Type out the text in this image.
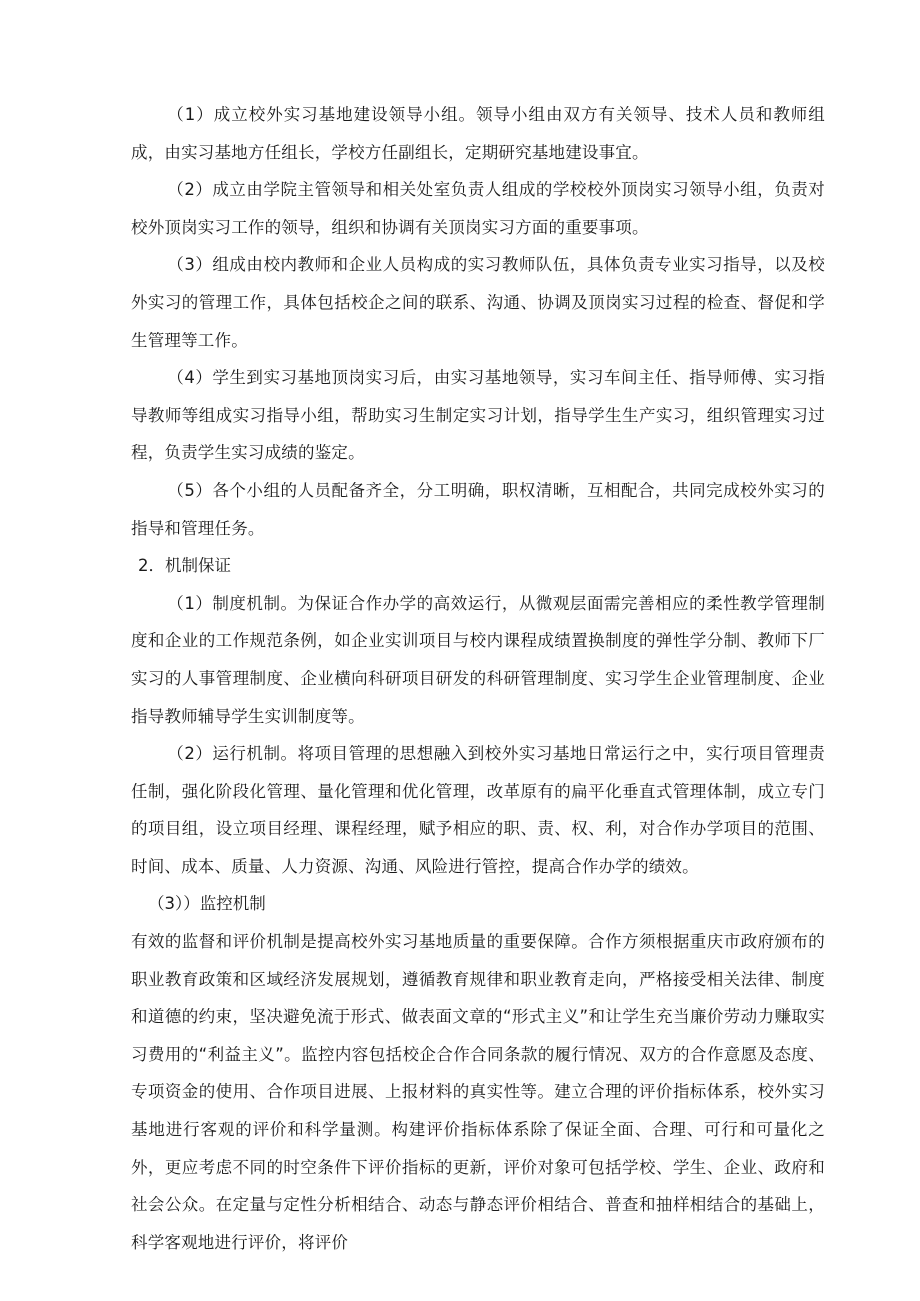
（1）成立校外实习基地建设领导小组。领导小组由双方有关领导、技术人员和教师组成，由实习基地方任组长，学校方任副组长，定期研究基地建设事宜。

（2）成立由学院主管领导和相关处室负责人组成的学校校外顶岗实习领导小组，负责对校外顶岗实习工作的领导，组织和协调有关顶岗实习方面的重要事项。

（3）组成由校内教师和企业人员构成的实习教师队伍，具体负责专业实习指导，以及校外实习的管理工作，具体包括校企之间的联系、沟通、协调及顶岗实习过程的检查、督促和学生管理等工作。

（4）学生到实习基地顶岗实习后，由实习基地领导，实习车间主任、指导师傅、实习指导教师等组成实习指导小组，帮助实习生制定实习计划，指导学生生产实习，组织管理实习过程，负责学生实习成绩的鉴定。

（5）各个小组的人员配备齐全，分工明确，职权清晰，互相配合，共同完成校外实习的指导和管理任务。

2．机制保证

（1）制度机制。为保证合作办学的高效运行，从微观层面需完善相应的柔性教学管理制度和企业的工作规范条例，如企业实训项目与校内课程成绩置换制度的弹性学分制、教师下厂实习的人事管理制度、企业横向科研项目研发的科研管理制度、实习学生企业管理制度、企业指导教师辅导学生实训制度等。

（2）运行机制。将项目管理的思想融入到校外实习基地日常运行之中，实行项目管理责任制，强化阶段化管理、量化管理和优化管理，改革原有的扁平化垂直式管理体制，成立专门的项目组，设立项目经理、课程经理，赋予相应的职、责、权、利，对合作办学项目的范围、时间、成本、质量、人力资源、沟通、风险进行管控，提高合作办学的绩效。

（3））监控机制

有效的监督和评价机制是提高校外实习基地质量的重要保障。合作方须根据重庆市政府颁布的职业教育政策和区域经济发展规划，遵循教育规律和职业教育走向，严格接受相关法律、制度和道德的约束，坚决避免流于形式、做表面文章的“形式主义”和让学生充当廉价劳动力赚取实习费用的“利益主义”。监控内容包括校企合作合同条款的履行情况、双方的合作意愿及态度、专项资金的使用、合作项目进展、上报材料的真实性等。建立合理的评价指标体系，校外实习基地进行客观的评价和科学量测。构建评价指标体系除了保证全面、合理、可行和可量化之外，更应考虑不同的时空条件下评价指标的更新，评价对象可包括学校、学生、企业、政府和社会公众。在定量与定性分析相结合、动态与静态评价相结合、普查和抽样相结合的基础上，科学客观地进行评价，将评价
